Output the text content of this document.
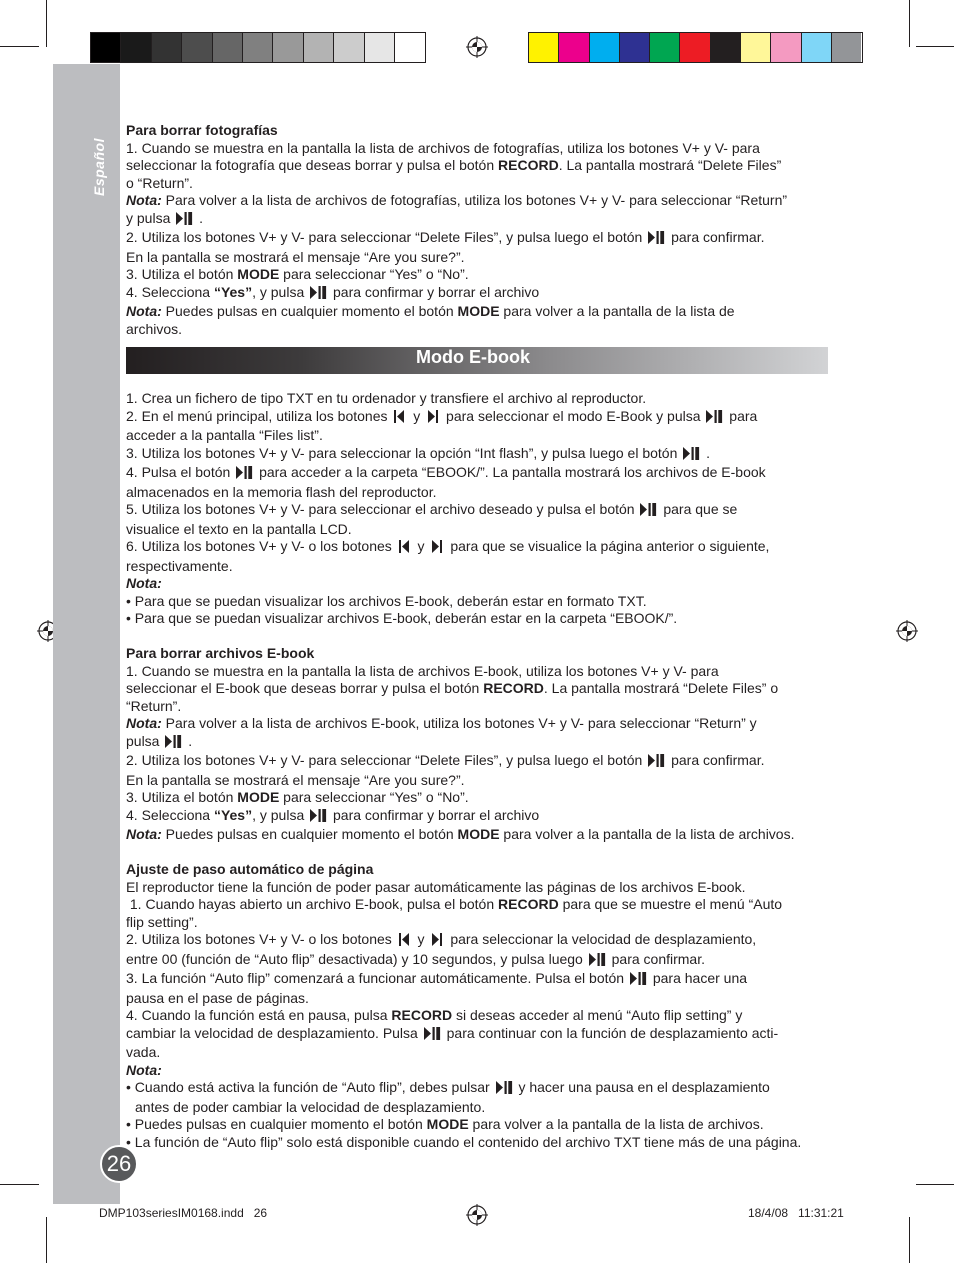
Español
26

Para borrar fotografías

1. Cuando se muestra en la pantalla la lista de archivos de fotografías, utiliza los botones V+ y V- para

seleccionar la fotografía que deseas borrar y pulsa el botón RECORD. La pantalla mostrará “Delete Files”

o “Return”.

Nota: Para volver a la lista de archivos de fotografías, utiliza los botones V+ y V- para seleccionar “Return”

y pulsa  .

2. Utiliza los botones V+ y V- para seleccionar “Delete Files”, y pulsa luego el botón  para confirmar.

En la pantalla se mostrará el mensaje “Are you sure?”.

3. Utiliza el botón MODE para seleccionar “Yes” o “No”.

4. Selecciona “Yes”, y pulsa  para confirmar y borrar el archivo

Nota: Puedes pulsas en cualquier momento el botón MODE para volver a la pantalla de la lista de

archivos.

Modo E-book

1. Crea un fichero de tipo TXT en tu ordenador y transfiere el archivo al reproductor.

2. En el menú principal, utiliza los botones  y  para seleccionar el modo E-Book y pulsa  para

acceder a la pantalla “Files list”.

3. Utiliza los botones V+ y V- para seleccionar la opción “Int flash”, y pulsa luego el botón  .

4. Pulsa el botón  para acceder a la carpeta “EBOOK/”. La pantalla mostrará los archivos de E-book

almacenados en la memoria flash del reproductor.

5. Utiliza los botones V+ y V- para seleccionar el archivo deseado y pulsa el botón  para que se

visualice el texto en la pantalla LCD.

6. Utiliza los botones V+ y V- o los botones  y  para que se visualice la página anterior o siguiente,

respectivamente.

Nota:

• Para que se puedan visualizar los archivos E-book, deberán estar en formato TXT.

• Para que se puedan visualizar archivos E-book, deberán estar en la carpeta “EBOOK/”.

Para borrar archivos E-book

1. Cuando se muestra en la pantalla la lista de archivos E-book, utiliza los botones V+ y V- para

seleccionar el E-book que deseas borrar y pulsa el botón RECORD. La pantalla mostrará “Delete Files” o

“Return”.

Nota: Para volver a la lista de archivos E-book, utiliza los botones V+ y V- para seleccionar “Return” y

pulsa  .

2. Utiliza los botones V+ y V- para seleccionar “Delete Files”, y pulsa luego el botón  para confirmar.

En la pantalla se mostrará el mensaje “Are you sure?”.

3. Utiliza el botón MODE para seleccionar “Yes” o “No”.

4. Selecciona “Yes”, y pulsa  para confirmar y borrar el archivo

Nota: Puedes pulsas en cualquier momento el botón MODE para volver a la pantalla de la lista de archivos.

Ajuste de paso automático de página

El reproductor tiene la función de poder pasar automáticamente las páginas de los archivos E-book.

1. Cuando hayas abierto un archivo E-book, pulsa el botón RECORD para que se muestre el menú “Auto

flip setting”.

2. Utiliza los botones V+ y V- o los botones  y  para seleccionar la velocidad de desplazamiento,

entre 00 (función de “Auto flip” desactivada) y 10 segundos, y pulsa luego  para confirmar.

3. La función “Auto flip” comenzará a funcionar automáticamente. Pulsa el botón  para hacer una

pausa en el pase de páginas.

4. Cuando la función está en pausa, pulsa RECORD si deseas acceder al menú “Auto flip setting” y

cambiar la velocidad de desplazamiento. Pulsa  para continuar con la función de desplazamiento acti-

vada.

Nota:

• Cuando está activa la función de “Auto flip”, debes pulsar  y hacer una pausa en el desplazamiento

antes de poder cambiar la velocidad de desplazamiento.

• Puedes pulsas en cualquier momento el botón MODE para volver a la pantalla de la lista de archivos.

• La función de “Auto flip” solo está disponible cuando el contenido del archivo TXT tiene más de una página.

DMP103seriesIM0168.indd   26	18/4/08   11:31:21
